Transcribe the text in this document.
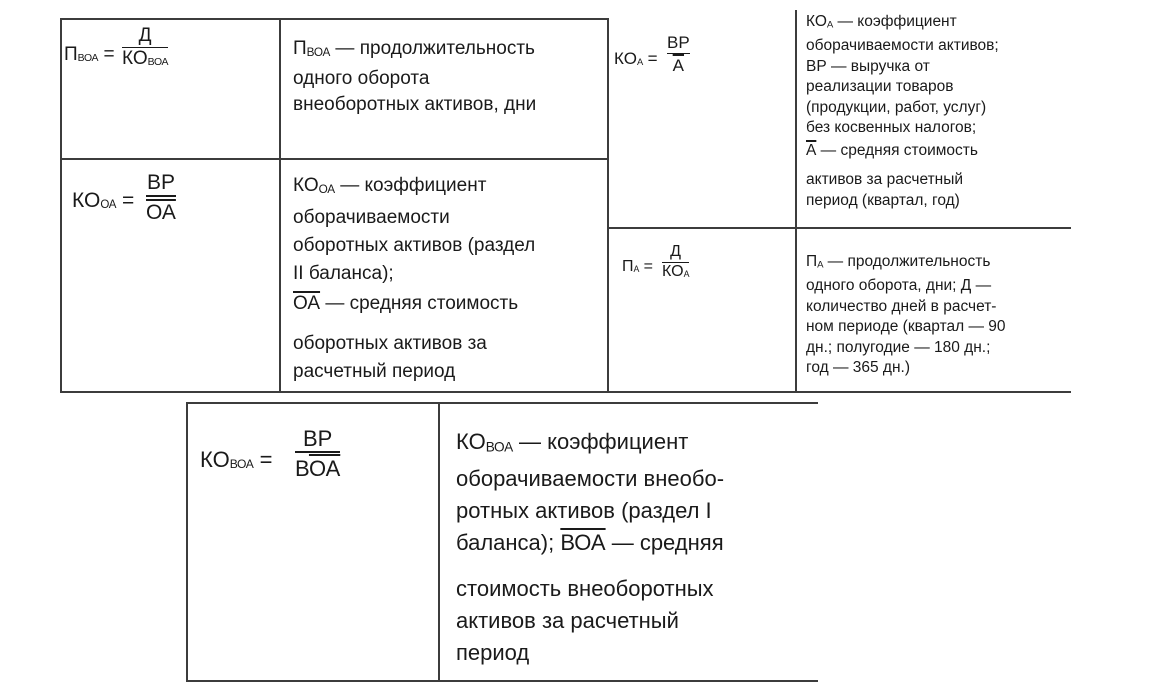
$П_{ВОА}$ =
Д
$КО_{ВОА}$
$П_{ВОА}$ — продолжительность
одного оборота
внеоборотных активов, дни
$КО_{ОА}$ =
ВР
ОА
$КО_{ОА}$ — коэффициент
оборачиваемости
оборотных активов (раздел
II баланса);
ОА — средняя стоимость
оборотных активов за
расчетный период
$КО_А$ =
ВР
А
$КО_А$ — коэффициент
оборачиваемости активов;
ВР — выручка от
реализации товаров
(продукции, работ, услуг)
без косвенных налогов;
А — средняя стоимость
активов за расчетный
период (квартал, год)
$П_А$ =
Д
$КО_А$
$П_А$ — продолжительность
одного оборота, дни; Д —
количество дней в расчет-
ном периоде (квартал — 90
дн.; полугодие — 180 дн.;
год — 365 дн.)
$КО_{ВОА}$ =
ВР
ВОА
$КО_{ВОА}$ — коэффициент
оборачиваемости внеобо-
ротных активов (раздел I
баланса); ВОА — средняя
стоимость внеоборотных
активов за расчетный
период
